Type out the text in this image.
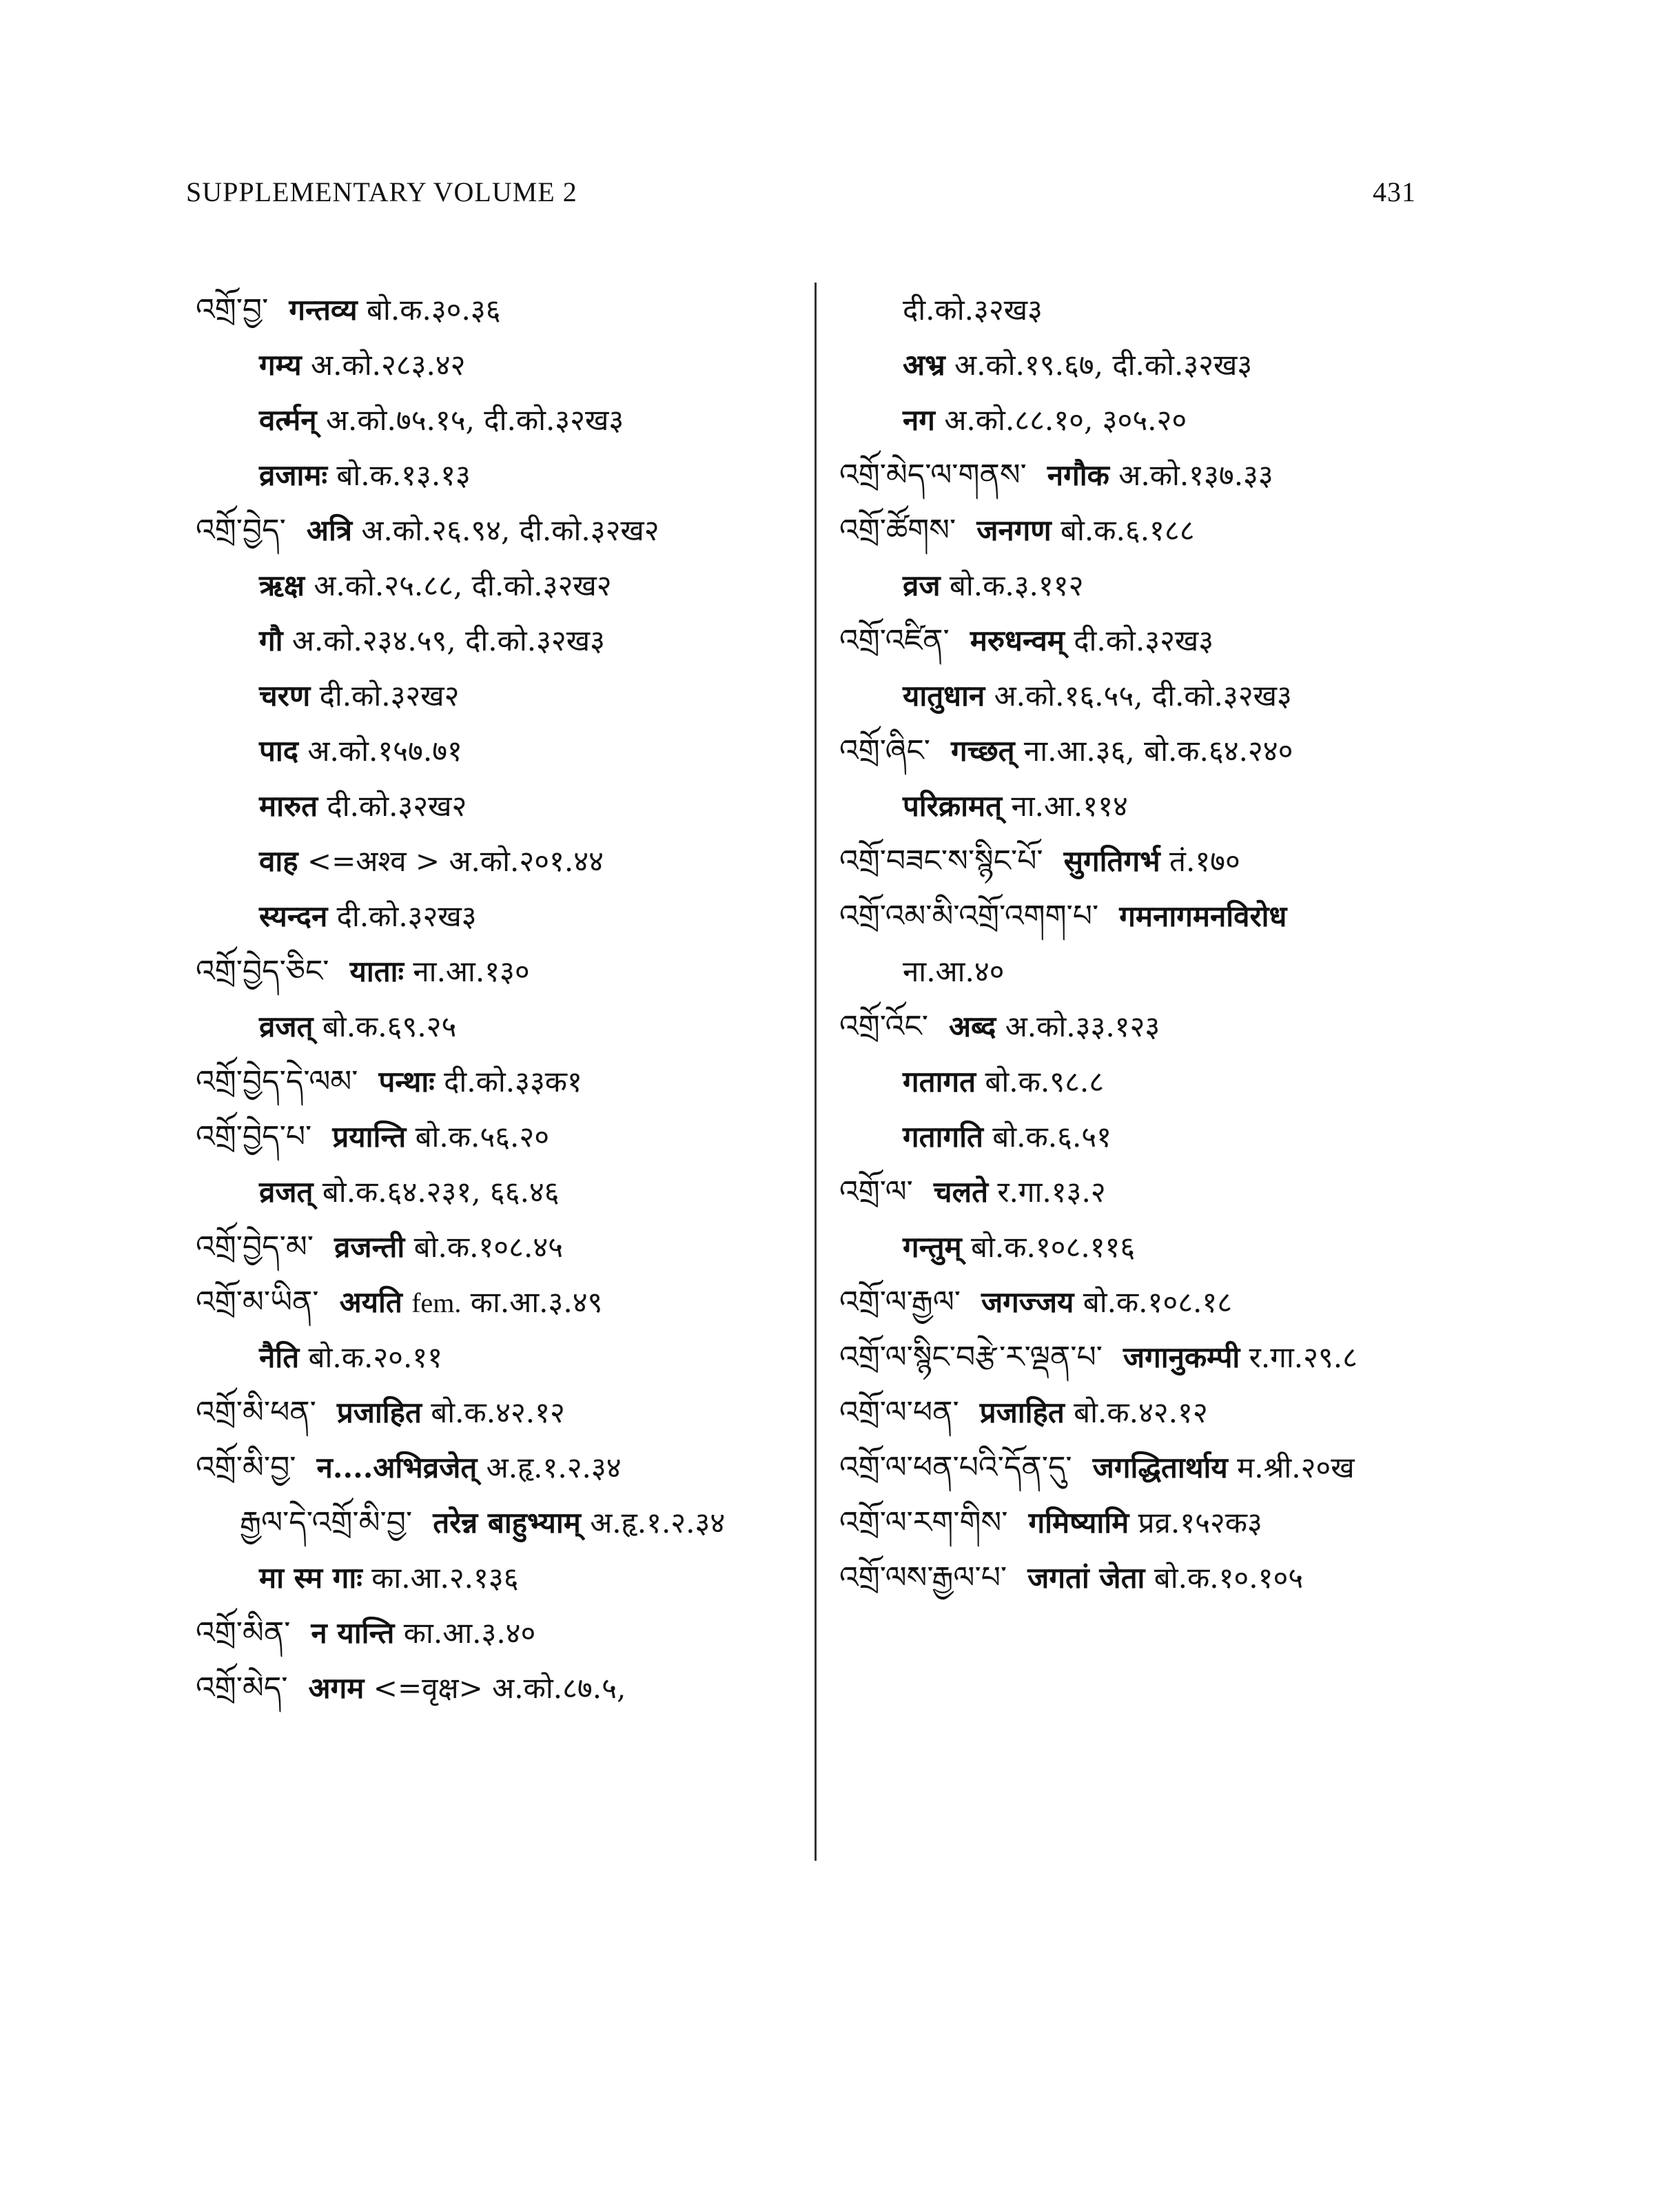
SUPPLEMENTARY VOLUME 2	431
འགྲོ་བྱ་ गन्तव्य बो.क.३०.३६
गम्य अ.को.२८३.४२
वर्त्मन् अ.को.७५.१५, दी.को.३२ख३
व्रजामः बो.क.१३.१३
འགྲོ་བྱེད་ अत्रि अ.को.२६.९४, दी.को.३२ख२
ऋक्ष अ.को.२५.८८, दी.को.३२ख२
गौ अ.को.२३४.५९, दी.को.३२ख३
चरण दी.को.३२ख२
पाद अ.को.१५७.७१
मारुत दी.को.३२ख२
वाह <=अश्व > अ.को.२०१.४४
स्यन्दन दी.को.३२ख३
འགྲོ་བྱེད་ཅིང་ याताः ना.आ.१३०
व्रजत् बो.क.६९.२५
འགྲོ་བྱེད་དེ་ལམ་ पन्थाः दी.को.३३क१
འགྲོ་བྱེད་པ་ प्रयान्ति बो.क.५६.२०
व्रजत् बो.क.६४.२३१, ६६.४६
འགྲོ་བྱེད་མ་ व्रजन्ती बो.क.१०८.४५
འགྲོ་མ་ཡིན་ अयति fem. का.आ.३.४९
नैति बो.क.२०.११
འགྲོ་མི་ཕན་ प्रजाहित बो.क.४२.१२
འགྲོ་མི་བྱ་ न....अभिव्रजेत् अ.हृ.१.२.३४
རྒྱལ་དེ་འགྲོ་མི་བྱ་ तरेन्न बाहुभ्याम् अ.हृ.१.२.३४
मा स्म गाः का.आ.२.१३६
འགྲོ་མིན་ न यान्ति का.आ.३.४०
འགྲོ་མེད་ अगम <=वृक्ष> अ.को.८७.५,
दी.को.३२ख३
अभ्र अ.को.१९.६७, दी.को.३२ख३
नग अ.को.८८.१०, ३०५.२०
འགྲོ་མེད་ལ་གནས་ नगौक अ.को.१३७.३३
འགྲོ་ཚོགས་ जनगण बो.क.६.१८८
व्रज बो.क.३.११२
འགྲོ་འཛིན་ मरुधन्वम् दी.को.३२ख३
यातुधान अ.को.१६.५५, दी.को.३२ख३
འགྲོ་ཞིང་ गच्छत् ना.आ.३६, बो.क.६४.२४०
परिक्रामत् ना.आ.११४
འགྲོ་བཟང་ས་སྙིང་པོ་ सुगतिगर्भ तं.१७०
འགྲོ་འམ་མི་འགྲོ་འགག་པ་ गमनागमनविरोध
ना.आ.४०
འགྲོ་འོང་ अब्द अ.को.३३.१२३
गतागत बो.क.९८.८
गतागति बो.क.६.५१
འགྲོ་ལ་ चलते र.गा.१३.२
गन्तुम् बो.क.१०८.११६
འགྲོ་ལ་རྒྱལ་ जगज्जय बो.क.१०८.१८
འགྲོ་ལ་སྙིང་བརྩེ་ར་ལྡན་པ་ जगानुकम्पी र.गा.२९.८
འགྲོ་ལ་ཕན་ प्रजाहित बो.क.४२.१२
འགྲོ་ལ་ཕན་པའི་དོན་དུ་ जगद्धितार्थाय म.श्री.२०ख
འགྲོ་ལ་རག་གིས་ गमिष्यामि प्रव्र.१५२क३
འགྲོ་ལས་རྒྱལ་པ་ जगतां जेता बो.क.१०.१०५
